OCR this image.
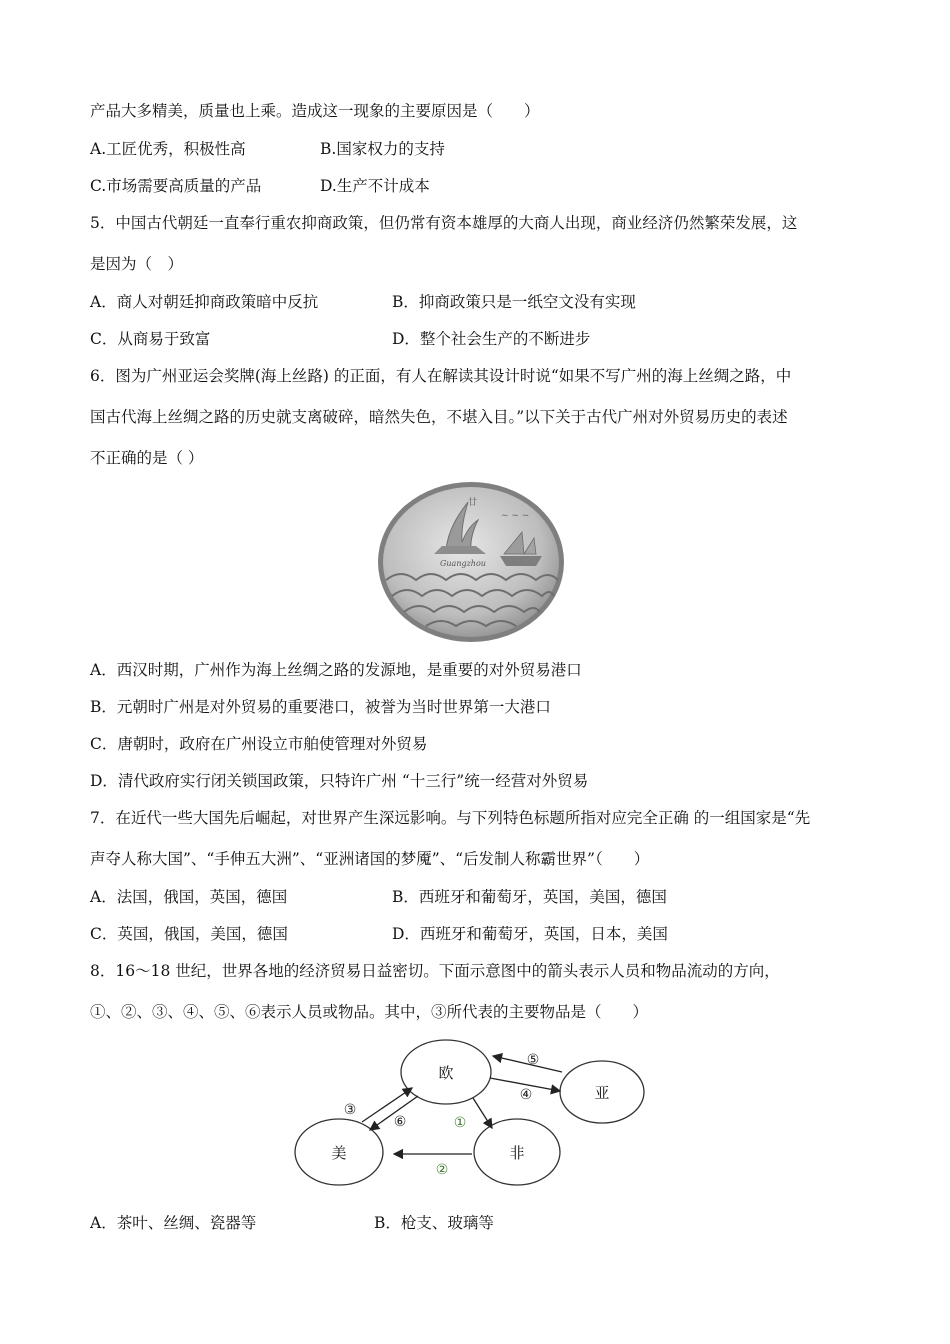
产品大多精美，质量也上乘。造成这一现象的主要原因是（　　）
A.工匠优秀，积极性高	B.国家权力的支持
C.市场需要高质量的产品	D.生产不计成本
5．中国古代朝廷一直奉行重农抑商政策，但仍常有资本雄厚的大商人出现，商业经济仍然繁荣发展，这
是因为（　）
A．商人对朝廷抑商政策暗中反抗	B．抑商政策只是一纸空文没有实现
C．从商易于致富	D．整个社会生产的不断进步
6．图为广州亚运会奖牌(海上丝路) 的正面，有人在解读其设计时说“如果不写广州的海上丝绸之路，中
国古代海上丝绸之路的历史就支离破碎，暗然失色，不堪入目。”以下关于古代广州对外贸易历史的表述
不正确的是（ ）
廿
~ ~ ~
Guangzhou
A．西汉时期，广州作为海上丝绸之路的发源地，是重要的对外贸易港口
B．元朝时广州是对外贸易的重要港口，被誉为当时世界第一大港口
C．唐朝时，政府在广州设立市舶使管理对外贸易
D．清代政府实行闭关锁国政策，只特许广州 “十三行”统一经营对外贸易
7．在近代一些大国先后崛起，对世界产生深远影响。与下列特色标题所指对应完全正确 的一组国家是“先
声夺人称大国”、“手伸五大洲”、“亚洲诸国的梦魇”、“后发制人称霸世界”（　　）
A．法国，俄国，英国，德国	B．西班牙和葡萄牙，英国，美国，德国
C．英国，俄国，美国，德国	D．西班牙和葡萄牙，英国，日本，美国
8．16～18 世纪，世界各地的经济贸易日益密切。下面示意图中的箭头表示人员和物品流动的方向，
①、②、③、④、⑤、⑥表示人员或物品。其中，③所代表的主要物品是（　　）
欧
亚
美	非
⑤
④
①
②
③
⑥
A．茶叶、丝绸、瓷器等	B．枪支、玻璃等
